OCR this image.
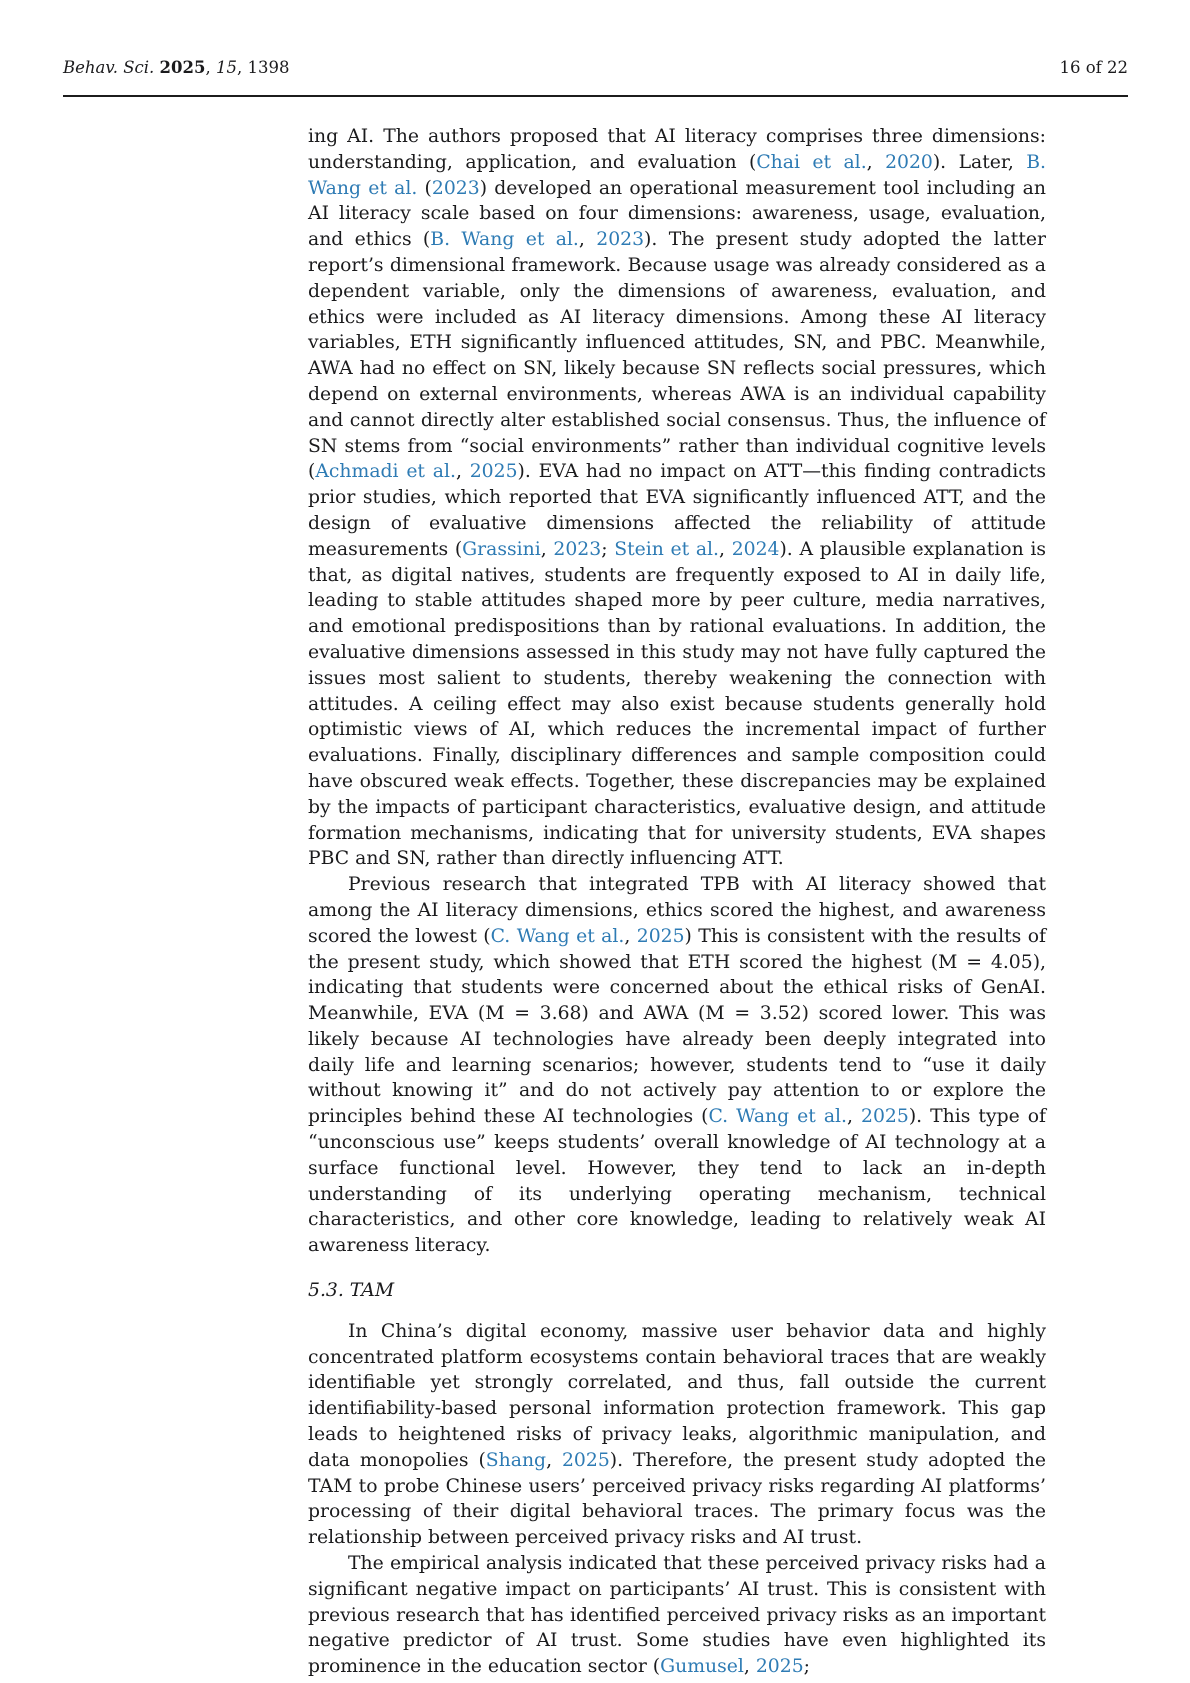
Behav. Sci. 2025, 15, 1398	16 of 22

ing AI. The authors proposed that AI literacy comprises three dimensions: understanding, application, and evaluation (Chai et al., 2020). Later, B. Wang et al. (2023) developed an operational measurement tool including an AI literacy scale based on four dimensions: awareness, usage, evaluation, and ethics (B. Wang et al., 2023). The present study adopted the latter report’s dimensional framework. Because usage was already considered as a dependent variable, only the dimensions of awareness, evaluation, and ethics were included as AI literacy dimensions. Among these AI literacy variables, ETH significantly influenced attitudes, SN, and PBC. Meanwhile, AWA had no effect on SN, likely because SN reflects social pressures, which depend on external environments, whereas AWA is an individual capability and cannot directly alter established social consensus. Thus, the influence of SN stems from “social environments” rather than individual cognitive levels (Achmadi et al., 2025). EVA had no impact on ATT—this finding contradicts prior studies, which reported that EVA significantly influenced ATT, and the design of evaluative dimensions affected the reliability of attitude measurements (Grassini, 2023; Stein et al., 2024). A plausible explanation is that, as digital natives, students are frequently exposed to AI in daily life, leading to stable attitudes shaped more by peer culture, media narratives, and emotional predispositions than by rational evaluations. In addition, the evaluative dimensions assessed in this study may not have fully captured the issues most salient to students, thereby weakening the connection with attitudes. A ceiling effect may also exist because students generally hold optimistic views of AI, which reduces the incremental impact of further evaluations. Finally, disciplinary differences and sample composition could have obscured weak effects. Together, these discrepancies may be explained by the impacts of participant characteristics, evaluative design, and attitude formation mechanisms, indicating that for university students, EVA shapes PBC and SN, rather than directly influencing ATT.

Previous research that integrated TPB with AI literacy showed that among the AI literacy dimensions, ethics scored the highest, and awareness scored the lowest (C. Wang et al., 2025) This is consistent with the results of the present study, which showed that ETH scored the highest (M = 4.05), indicating that students were concerned about the ethical risks of GenAI. Meanwhile, EVA (M = 3.68) and AWA (M = 3.52) scored lower. This was likely because AI technologies have already been deeply integrated into daily life and learning scenarios; however, students tend to “use it daily without knowing it” and do not actively pay attention to or explore the principles behind these AI technologies (C. Wang et al., 2025). This type of “unconscious use” keeps students’ overall knowledge of AI technology at a surface functional level. However, they tend to lack an in-depth understanding of its underlying operating mechanism, technical characteristics, and other core knowledge, leading to relatively weak AI awareness literacy.

5.3. TAM

In China’s digital economy, massive user behavior data and highly concentrated platform ecosystems contain behavioral traces that are weakly identifiable yet strongly correlated, and thus, fall outside the current identifiability-based personal information protection framework. This gap leads to heightened risks of privacy leaks, algorithmic manipulation, and data monopolies (Shang, 2025). Therefore, the present study adopted the TAM to probe Chinese users’ perceived privacy risks regarding AI platforms’ processing of their digital behavioral traces. The primary focus was the relationship between perceived privacy risks and AI trust.

The empirical analysis indicated that these perceived privacy risks had a significant negative impact on participants’ AI trust. This is consistent with previous research that has identified perceived privacy risks as an important negative predictor of AI trust. Some studies have even highlighted its prominence in the education sector (Gumusel, 2025;
